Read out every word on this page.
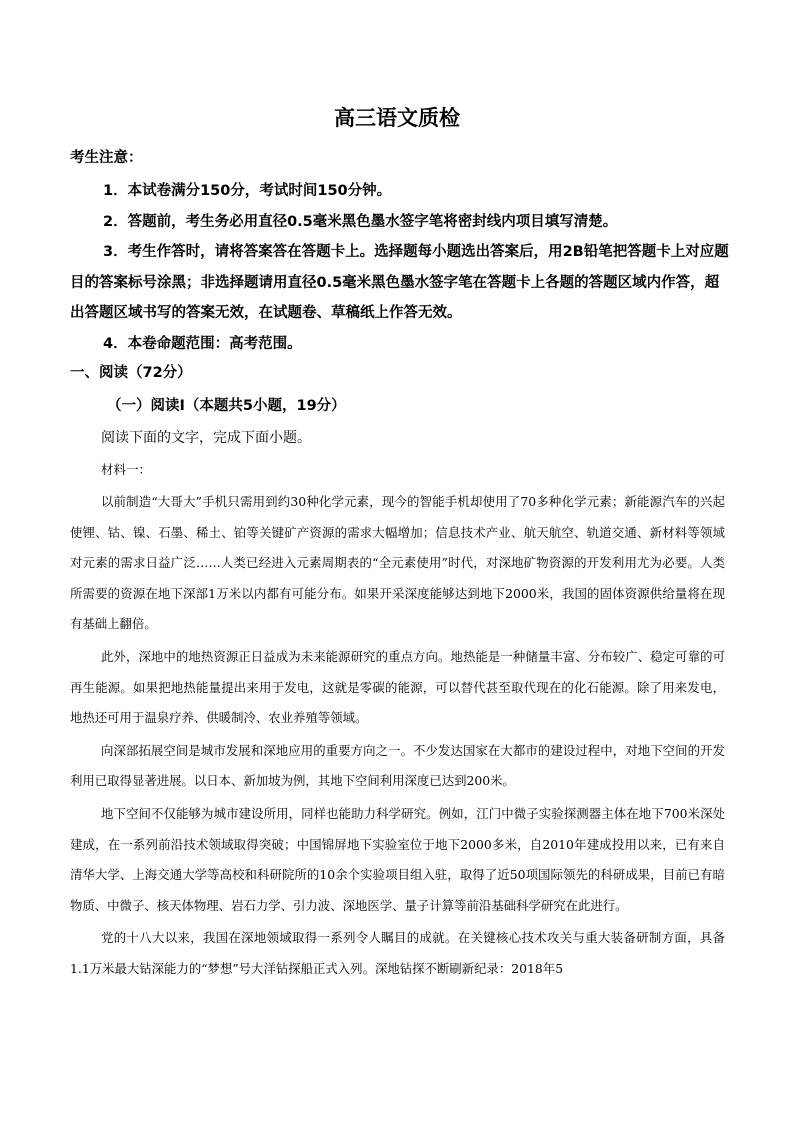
高三语文质检
考生注意：
1．本试卷满分150分，考试时间150分钟。
2．答题前，考生务必用直径0.5毫米黑色墨水签字笔将密封线内项目填写清楚。
3．考生作答时，请将答案答在答题卡上。选择题每小题选出答案后，用2B铅笔把答题卡上对应题目的答案标号涂黑；非选择题请用直径0.5毫米黑色墨水签字笔在答题卡上各题的答题区域内作答，超出答题区域书写的答案无效，在试题卷、草稿纸上作答无效。
4．本卷命题范围：高考范围。
一、阅读（72分）
（一）阅读Ⅰ（本题共5小题，19分）
阅读下面的文字，完成下面小题。
材料一：

以前制造“大哥大”手机只需用到约30种化学元素，现今的智能手机却使用了70多种化学元素；新能源汽车的兴起使锂、钴、镍、石墨、稀土、铂等关键矿产资源的需求大幅增加；信息技术产业、航天航空、轨道交通、新材料等领域对元素的需求日益广泛……人类已经进入元素周期表的“全元素使用”时代，对深地矿物资源的开发利用尤为必要。人类所需要的资源在地下深部1万米以内都有可能分布。如果开采深度能够达到地下2000米，我国的固体资源供给量将在现有基础上翻倍。

此外，深地中的地热资源正日益成为未来能源研究的重点方向。地热能是一种储量丰富、分布较广、稳定可靠的可再生能源。如果把地热能量提出来用于发电，这就是零碳的能源，可以替代甚至取代现在的化石能源。除了用来发电，地热还可用于温泉疗养、供暖制冷、农业养殖等领域。

向深部拓展空间是城市发展和深地应用的重要方向之一。不少发达国家在大都市的建设过程中，对地下空间的开发利用已取得显著进展。以日本、新加坡为例，其地下空间利用深度已达到200米。

地下空间不仅能够为城市建设所用，同样也能助力科学研究。例如，江门中微子实验探测器主体在地下700米深处建成，在一系列前沿技术领域取得突破；中国锦屏地下实验室位于地下2000多米，自2010年建成投用以来，已有来自清华大学、上海交通大学等高校和科研院所的10余个实验项目组入驻，取得了近50项国际领先的科研成果，目前已有暗物质、中微子、核天体物理、岩石力学、引力波、深地医学、量子计算等前沿基础科学研究在此进行。

党的十八大以来，我国在深地领域取得一系列令人瞩目的成就。在关键核心技术攻关与重大装备研制方面，具备1.1万米最大钻深能力的“梦想”号大洋钻探船正式入列。深地钻探不断刷新纪录：2018年5
